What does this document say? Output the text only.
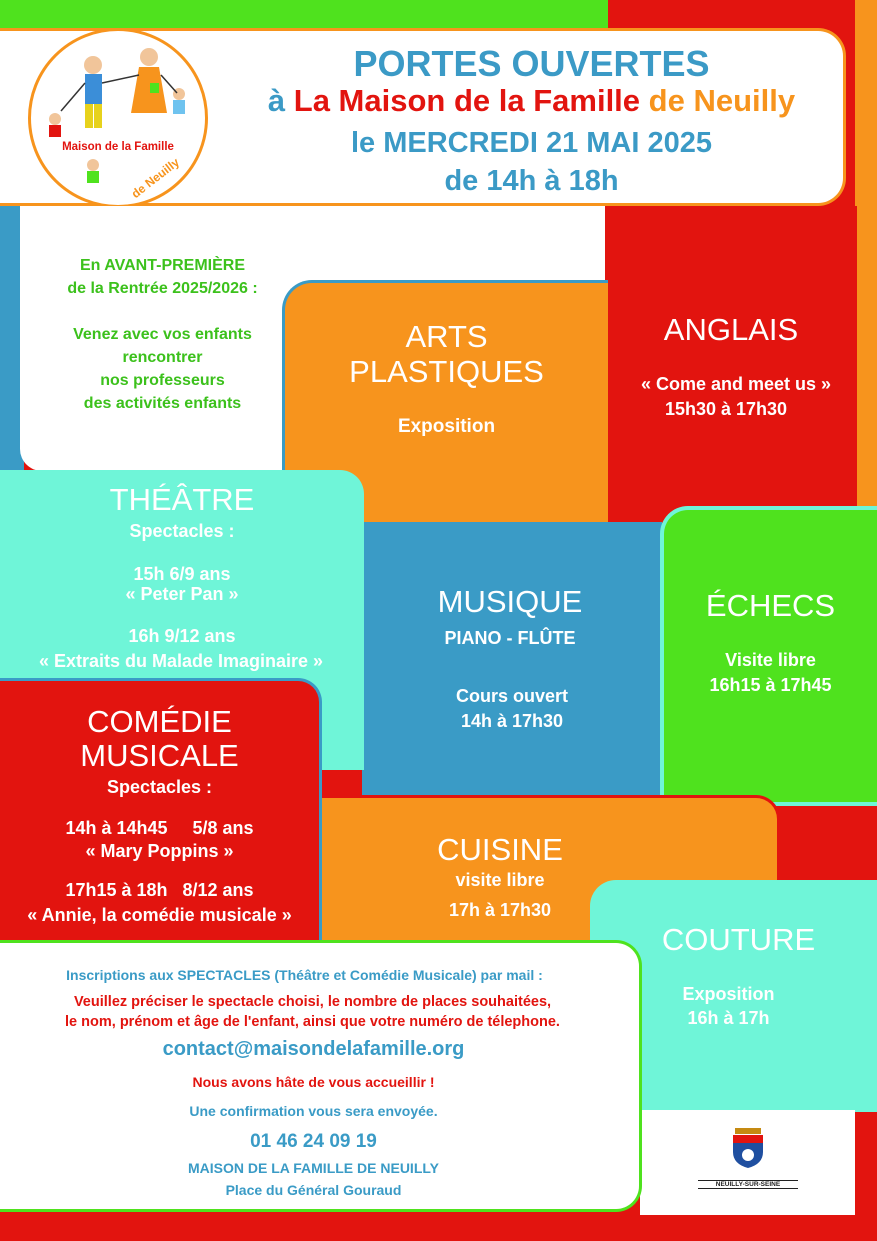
PORTES OUVERTES
à La Maison de la Famille de Neuilly
le MERCREDI 21 MAI 2025
de 14h à 18h
Maison de la Famille
de Neuilly
En AVANT-PREMIÈRE
de la Rentrée 2025/2026 :
Venez avec vos enfants
rencontrer
nos professeurs
des activités enfants
ANGLAIS
« Come and meet us »
15h30 à 17h30
ARTS
PLASTIQUES
Exposition
MUSIQUE
PIANO - FLÛTE
Cours ouvert
14h à 17h30
ÉCHECS
Visite libre
16h15 à 17h45
THÉÂTRE
Spectacles :
15h 6/9 ans
« Peter Pan »
16h 9/12 ans
« Extraits du Malade Imaginaire »
CUISINE
visite libre
17h à 17h30
COMÉDIE
MUSICALE
Spectacles :
14h à 14h45     5/8 ans
« Mary Poppins »
17h15 à 18h   8/12 ans
« Annie, la comédie musicale »
COUTURE
Exposition
16h à 17h
NEUILLY-SUR-SEINE
Inscriptions aux SPECTACLES (Théâtre et Comédie Musicale) par mail :
Veuillez préciser le spectacle choisi, le nombre de places souhaitées,
le nom, prénom et âge de l'enfant, ainsi que votre numéro de télephone.
contact@maisondelafamille.org
Nous avons hâte de vous accueillir !
Une confirmation vous sera envoyée.
01 46 24 09 19
MAISON DE LA FAMILLE DE NEUILLY
Place du Général Gouraud
